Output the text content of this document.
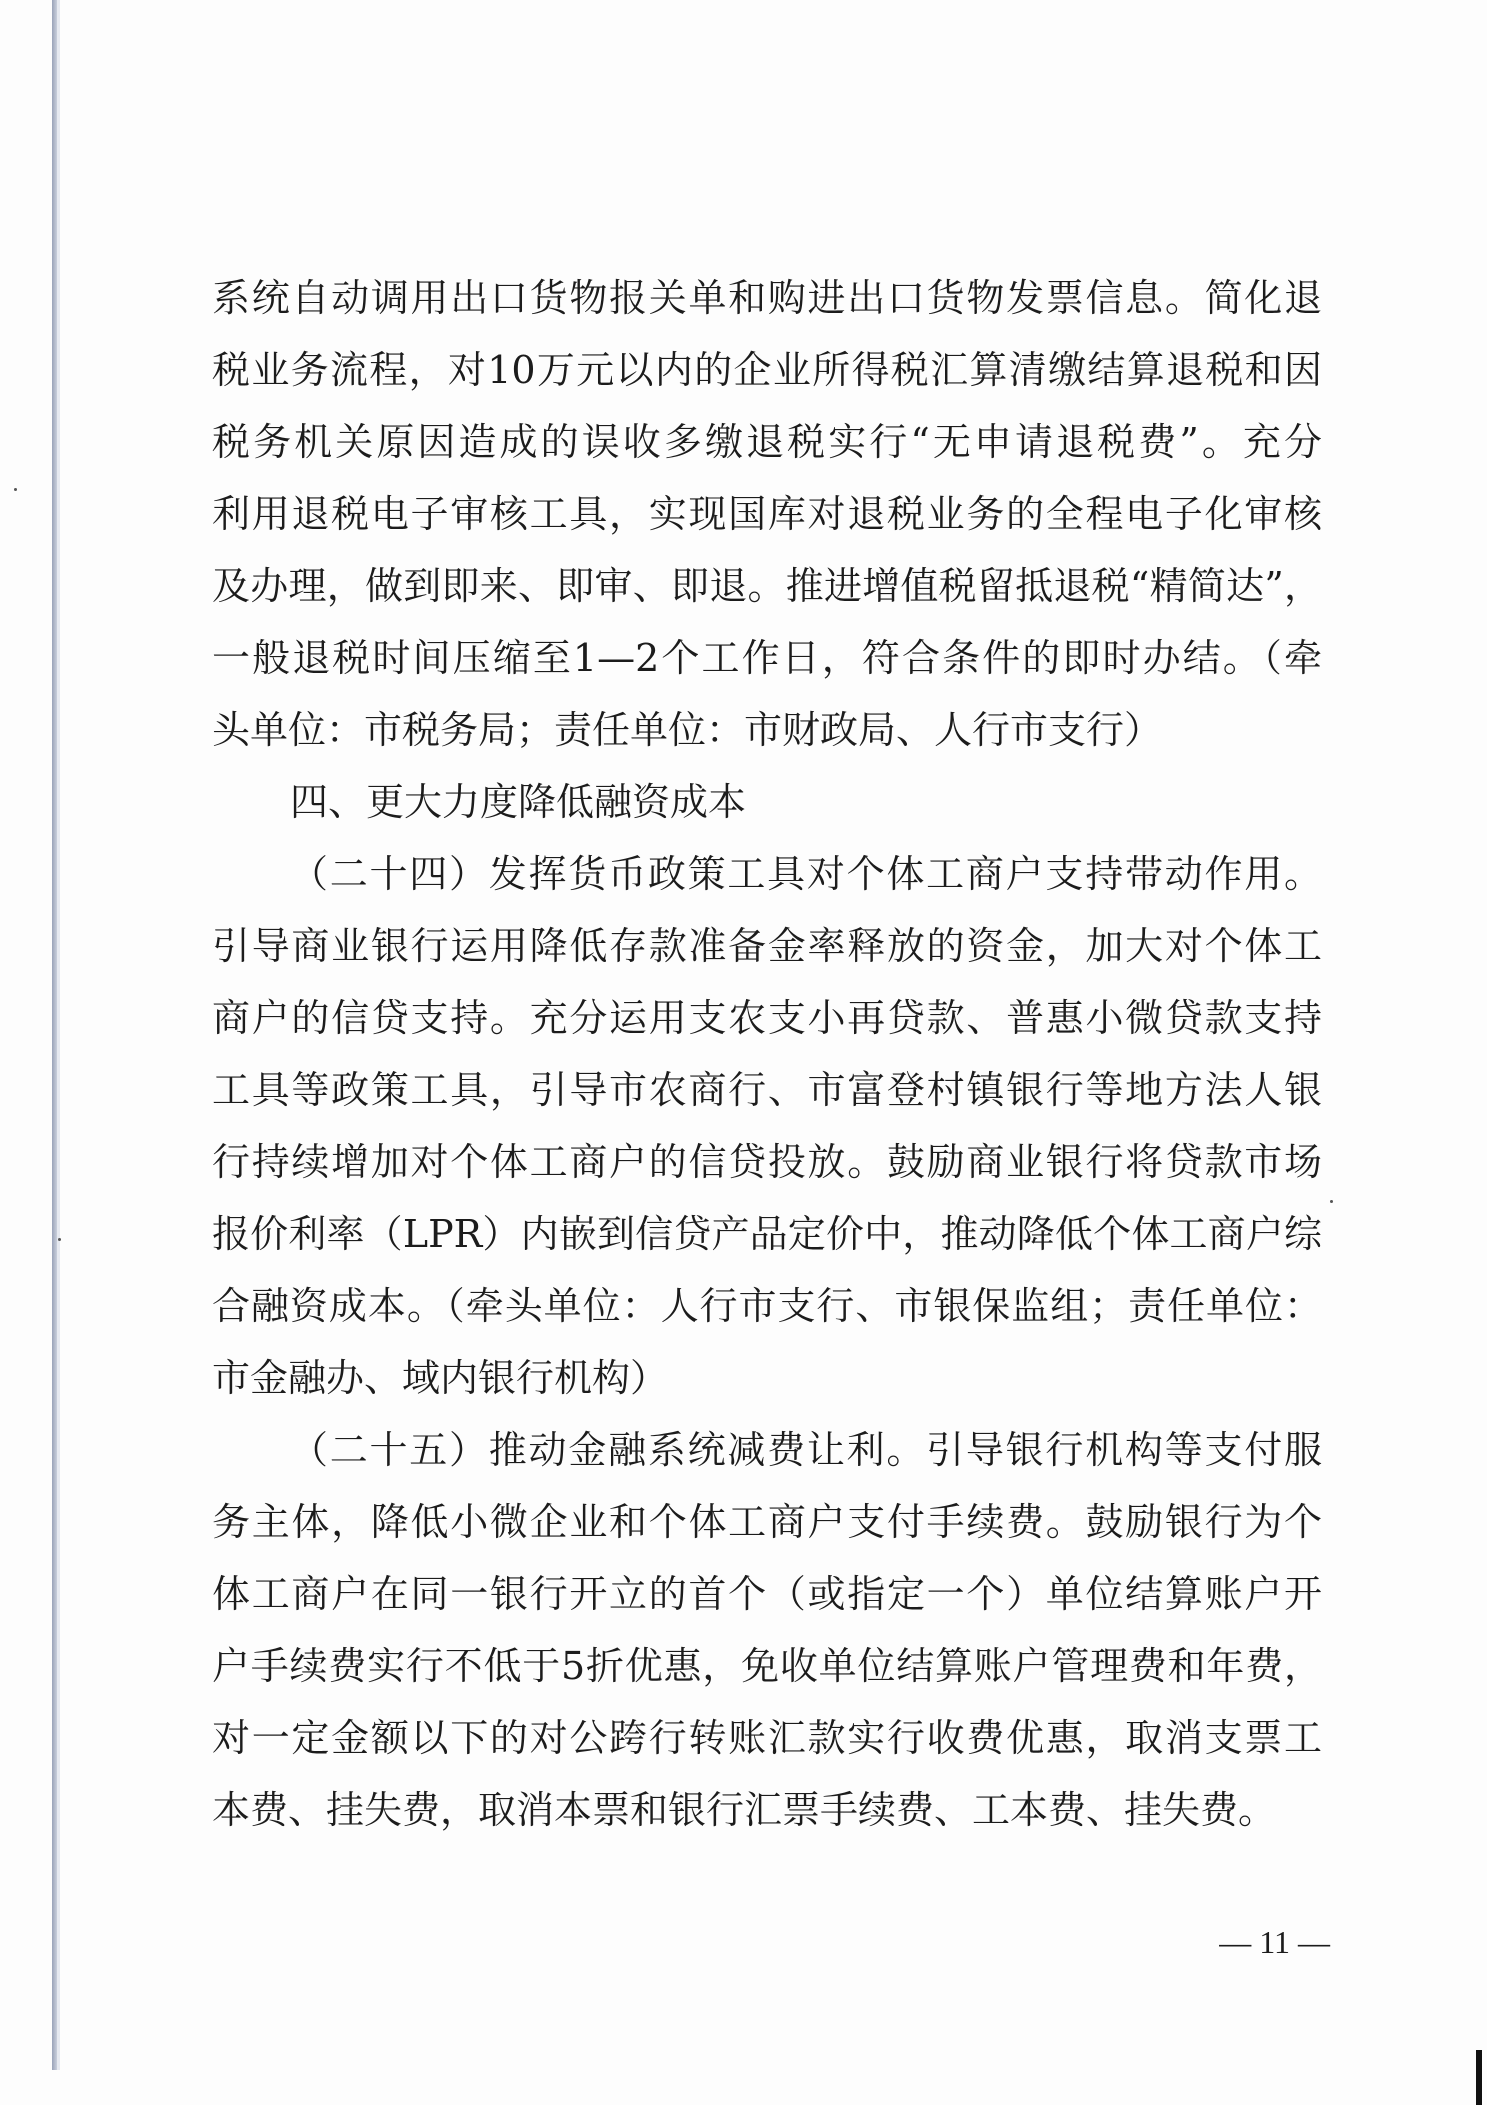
系统自动调用出口货物报关单和购进出口货物发票信息。简化退
税业务流程，对10万元以内的企业所得税汇算清缴结算退税和因
税务机关原因造成的误收多缴退税实行“无申请退税费”。充分
利用退税电子审核工具，实现国库对退税业务的全程电子化审核
及办理，做到即来、即审、即退。推进增值税留抵退税“精简达”，
一般退税时间压缩至1—2个工作日，符合条件的即时办结。（牵
头单位：市税务局；责任单位：市财政局、人行市支行）
四、更大力度降低融资成本
（二十四）发挥货币政策工具对个体工商户支持带动作用。
引导商业银行运用降低存款准备金率释放的资金，加大对个体工
商户的信贷支持。充分运用支农支小再贷款、普惠小微贷款支持
工具等政策工具，引导市农商行、市富登村镇银行等地方法人银
行持续增加对个体工商户的信贷投放。鼓励商业银行将贷款市场
报价利率（LPR）内嵌到信贷产品定价中，推动降低个体工商户综
合融资成本。（牵头单位：人行市支行、市银保监组；责任单位：
市金融办、域内银行机构）
（二十五）推动金融系统减费让利。引导银行机构等支付服
务主体，降低小微企业和个体工商户支付手续费。鼓励银行为个
体工商户在同一银行开立的首个（或指定一个）单位结算账户开
户手续费实行不低于5折优惠，免收单位结算账户管理费和年费，
对一定金额以下的对公跨行转账汇款实行收费优惠，取消支票工
本费、挂失费，取消本票和银行汇票手续费、工本费、挂失费。
— 11 —
